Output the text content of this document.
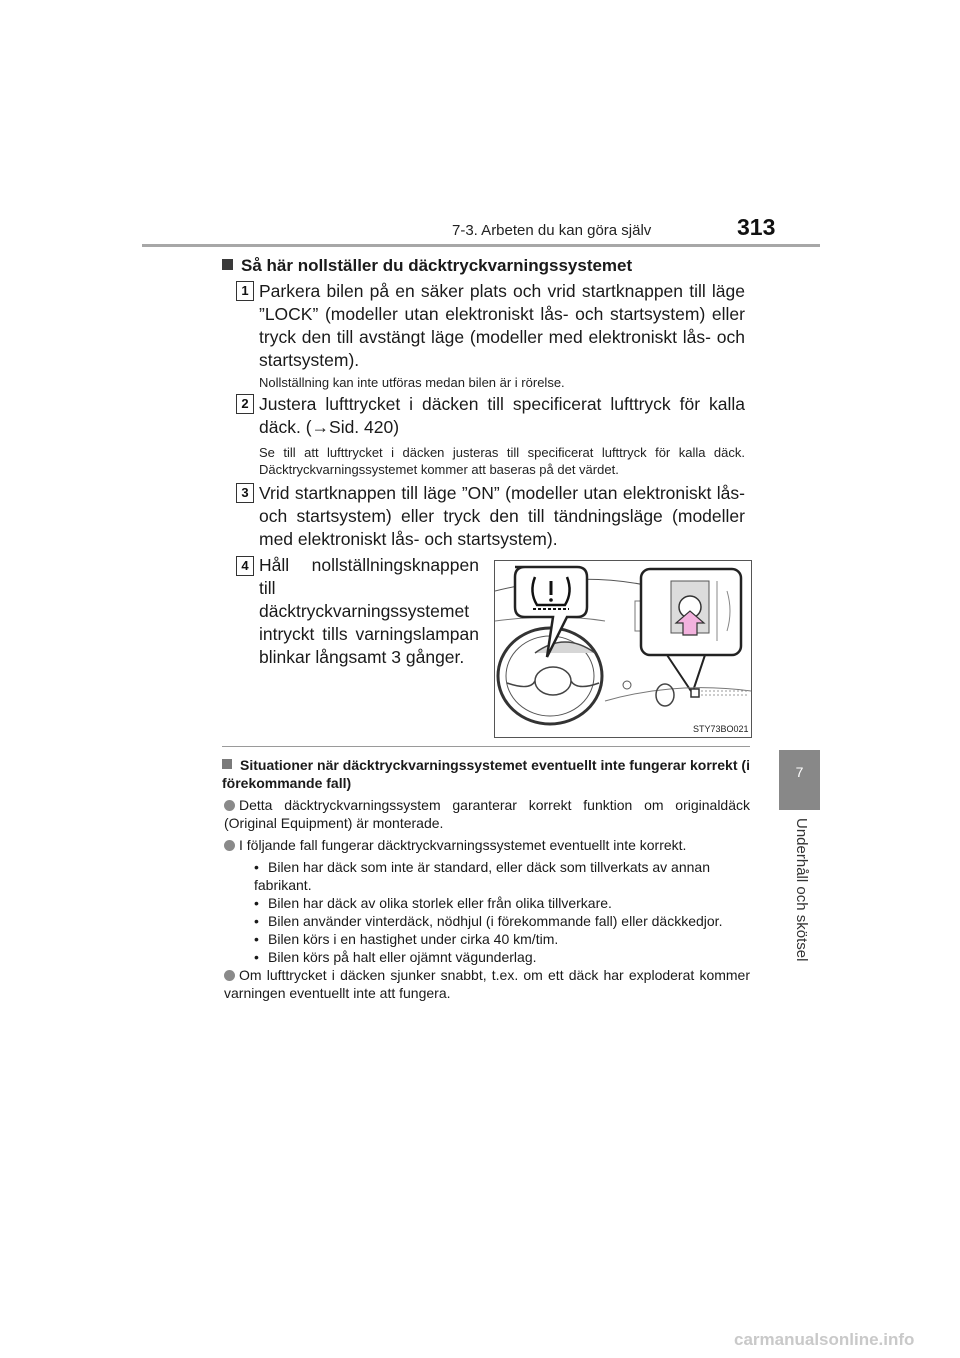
7-3. Arbeten du kan göra själv	313
7
Underhåll och skötsel
Så här nollställer du däcktryckvarningssystemet
1 Parkera bilen på en säker plats och vrid startknappen till läge ”LOCK” (modeller utan elektroniskt lås- och startsystem) eller tryck den till avstängt läge (modeller med elektroniskt lås- och startsystem).
Nollställning kan inte utföras medan bilen är i rörelse.
2 Justera lufttrycket i däcken till specificerat lufttryck för kalla däck. (→Sid. 420)
Se till att lufttrycket i däcken justeras till specificerat lufttryck för kalla däck. Däcktryckvarningssystemet kommer att baseras på det värdet.
3 Vrid startknappen till läge ”ON” (modeller utan elektroniskt lås- och startsystem) eller tryck den till tändningsläge (modeller med elektroniskt lås- och startsystem).
4 Håll nollställningsknappen till däcktryckvarningssystemet intryckt tills varningslampan blinkar långsamt 3 gånger.
STY73BO021
Situationer när däcktryckvarningssystemet eventuellt inte fungerar korrekt (i förekommande fall)
Detta däcktryckvarningssystem garanterar korrekt funktion om originaldäck (Original Equipment) är monterade.
I följande fall fungerar däcktryckvarningssystemet eventuellt inte korrekt.
• Bilen har däck som inte är standard, eller däck som tillverkats av annan fabrikant.
• Bilen har däck av olika storlek eller från olika tillverkare.
• Bilen använder vinterdäck, nödhjul (i förekommande fall) eller däckkedjor.
• Bilen körs i en hastighet under cirka 40 km/tim.
• Bilen körs på halt eller ojämnt vägunderlag.
Om lufttrycket i däcken sjunker snabbt, t.ex. om ett däck har exploderat kommer varningen eventuellt inte att fungera.
carmanualsonline.info
